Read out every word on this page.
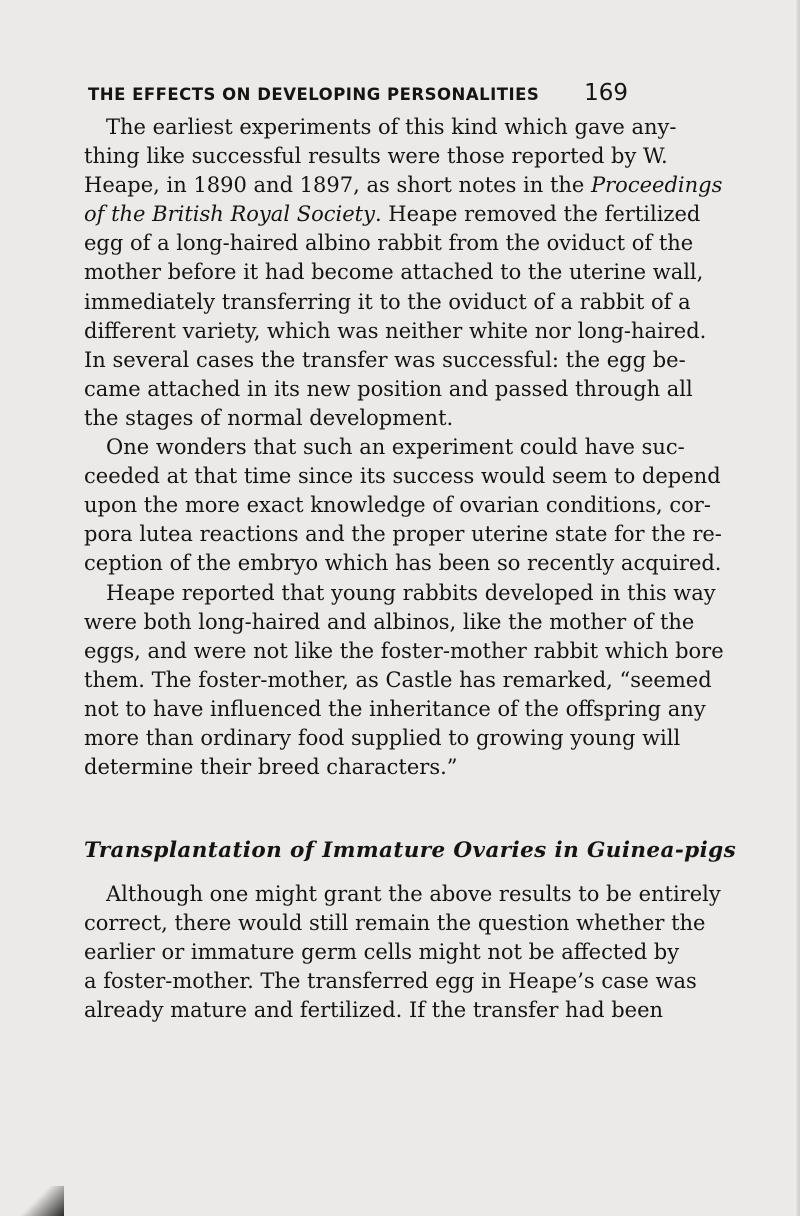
THE EFFECTS ON DEVELOPING PERSONALITIES 169
The earliest experiments of this kind which gave any-
thing like successful results were those reported by W.
Heape, in 1890 and 1897, as short notes in the Proceedings
of the British Royal Society. Heape removed the fertilized
egg of a long-haired albino rabbit from the oviduct of the
mother before it had become attached to the uterine wall,
immediately transferring it to the oviduct of a rabbit of a
different variety, which was neither white nor long-haired.
In several cases the transfer was successful: the egg be-
came attached in its new position and passed through all
the stages of normal development.
One wonders that such an experiment could have suc-
ceeded at that time since its success would seem to depend
upon the more exact knowledge of ovarian conditions, cor-
pora lutea reactions and the proper uterine state for the re-
ception of the embryo which has been so recently acquired.
Heape reported that young rabbits developed in this way
were both long-haired and albinos, like the mother of the
eggs, and were not like the foster-mother rabbit which bore
them. The foster-mother, as Castle has remarked, “seemed
not to have influenced the inheritance of the offspring any
more than ordinary food supplied to growing young will
determine their breed characters.”
Transplantation of Immature Ovaries in Guinea-pigs
Although one might grant the above results to be entirely
correct, there would still remain the question whether the
earlier or immature germ cells might not be affected by
a foster-mother. The transferred egg in Heape’s case was
already mature and fertilized. If the transfer had been
